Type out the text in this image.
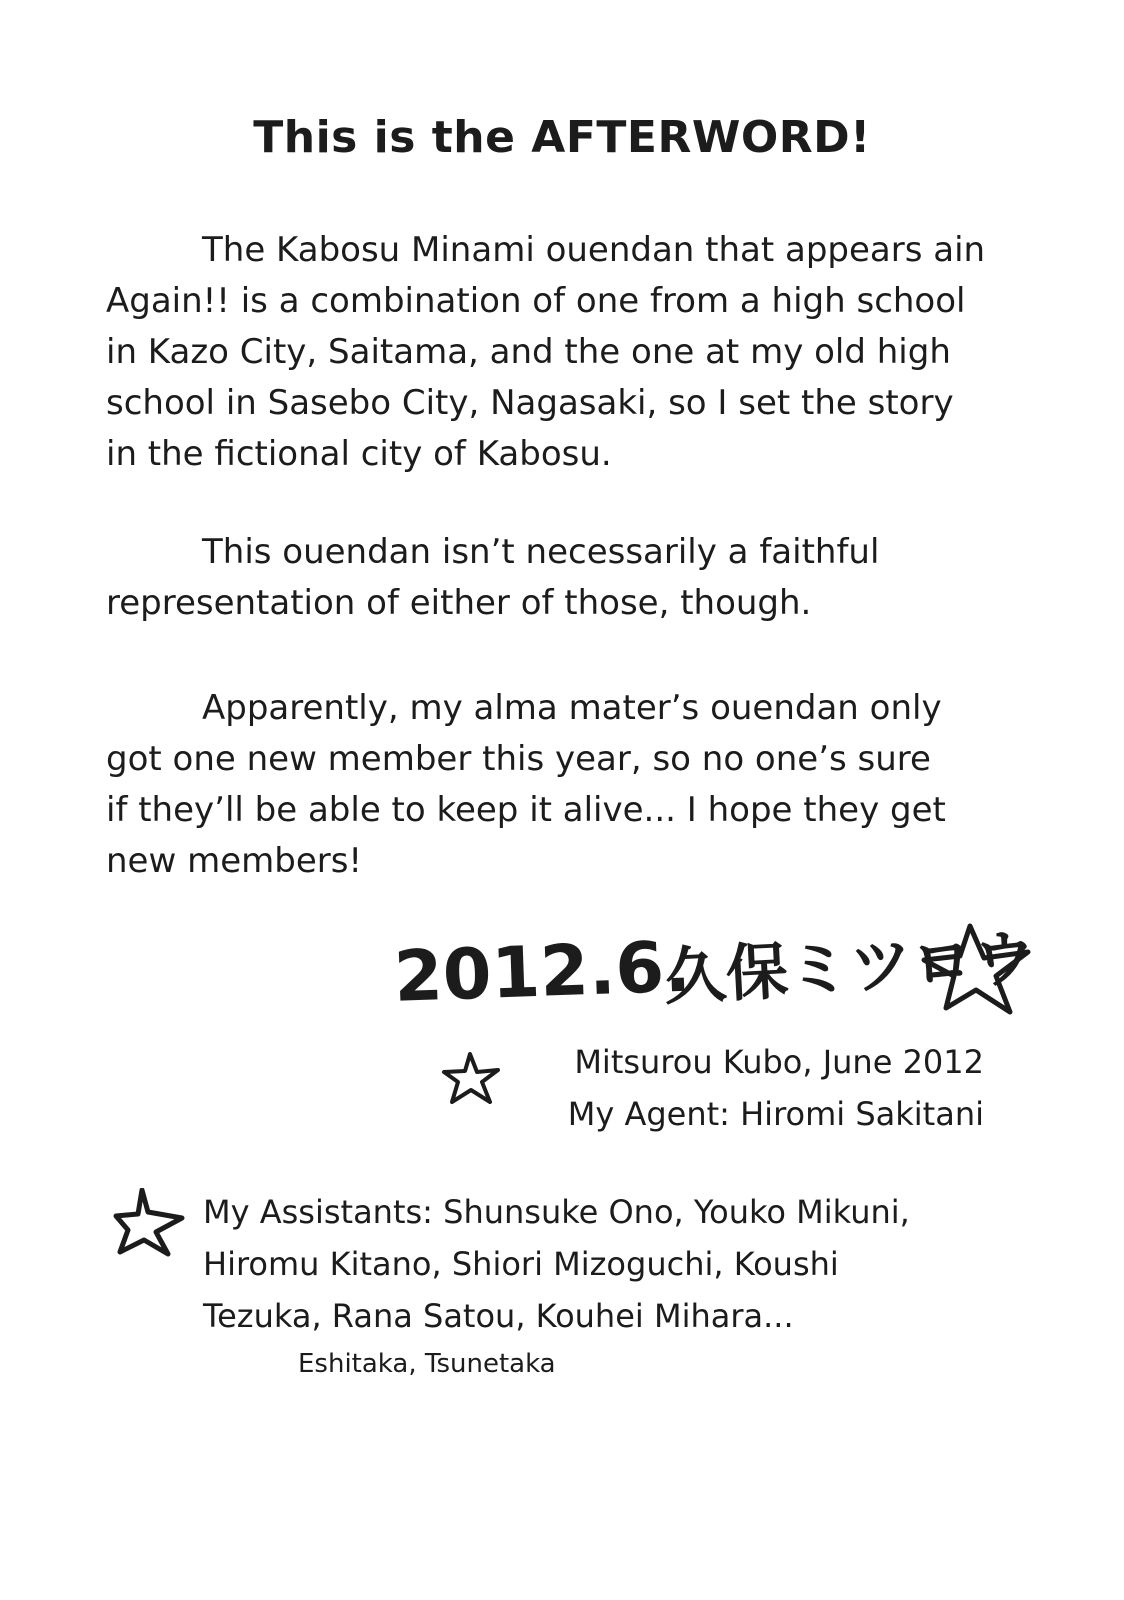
This is the AFTERWORD!

The Kabosu Minami ouendan that appears ain
Again!! is a combination of one from a high school
in Kazo City, Saitama, and the one at my old high
school in Sasebo City, Nagasaki, so I set the story
in the fictional city of Kabosu.

This ouendan isn’t necessarily a faithful
representation of either of those, though.

Apparently, my alma mater’s ouendan only
got one new member this year, so no one’s sure
if they’ll be able to keep it alive... I hope they get
new members!

2012.6.
久保ミツロウ
Mitsurou Kubo, June 2012
My Agent: Hiromi Sakitani
My Assistants: Shunsuke Ono, Youko Mikuni,
Hiromu Kitano, Shiori Mizoguchi, Koushi
Tezuka, Rana Satou, Kouhei Mihara...
Eshitaka, Tsunetaka
